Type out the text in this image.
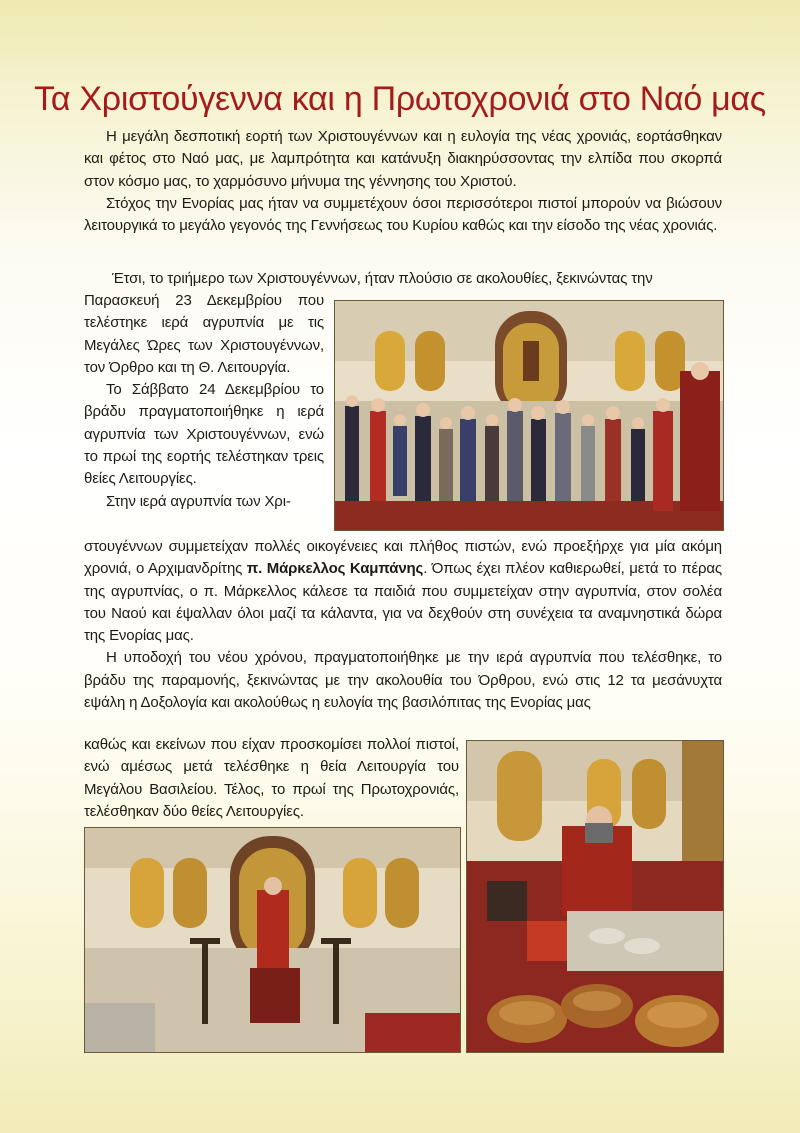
Τα Χριστούγεννα και η Πρωτοχρονιά στο Ναό μας

Η μεγάλη δεσποτική εορτή των Χριστουγέννων και η ευλογία της νέας χρονιάς, εορτάσθηκαν και φέτος στο Ναό μας, με λαμπρότητα και κατάνυξη διακηρύσσοντας την ελπίδα που σκορπά στον κόσμο μας, το χαρμόσυνο μήνυμα της γέννησης του Χριστού.

Στόχος την Ενορίας μας ήταν να συμμετέχουν όσοι περισσότεροι πιστοί μπορούν να βιώσουν λειτουργικά το μεγάλο γεγονός της Γεννήσεως του Κυρίου καθώς και την είσοδο της νέας χρονιάς.

Έτσι, το τριήμερο των Χριστουγέννων, ήταν πλούσιο σε ακολουθίες, ξεκινώντας την

Παρασκευή 23 Δεκεμβρίου που τελέστηκε ιερά αγρυπνία με τις Μεγάλες Ώρες των Χριστουγέννων, τον Όρθρο και τη Θ. Λειτουργία.

Το Σάββατο 24 Δεκεμβρίου το βράδυ πραγματοποιήθηκε η ιερά αγρυπνία των Χριστουγέννων, ενώ το πρωί της εορτής τελέστηκαν τρεις θείες Λειτουργίες.

Στην ιερά αγρυπνία των Χρι-

στουγέννων συμμετείχαν πολλές οικογένειες και πλήθος πιστών, ενώ προεξήρχε για μία ακόμη χρονιά, ο Αρχιμανδρίτης π. Μάρκελλος Καμπάνης. Όπως έχει πλέον καθιερωθεί, μετά το πέρας της αγρυπνίας, ο π. Μάρκελλος κάλεσε τα παιδιά που συμμετείχαν στην αγρυπνία, στον σολέα του Ναού και έψαλλαν όλοι μαζί τα κάλαντα, για να δεχθούν στη συνέχεια τα αναμνηστικά δώρα της Ενορίας μας.

Η υποδοχή του νέου χρόνου, πραγματοποιήθηκε με την ιερά αγρυπνία που τελέσθηκε, το βράδυ της παραμονής, ξεκινώντας με την ακολουθία του Όρθρου, ενώ στις 12 τα μεσάνυχτα εψάλη η Δοξολογία και ακολούθως η ευλογία της βασιλόπιτας της Ενορίας μας

καθώς και εκείνων που είχαν προσκομίσει πολλοί πιστοί, ενώ αμέσως μετά τελέσθηκε η θεία Λειτουργία του Μεγάλου Βασιλείου. Τέλος, το πρωί της Πρωτοχρονιάς, τελέσθηκαν δύο θείες Λειτουργίες.
